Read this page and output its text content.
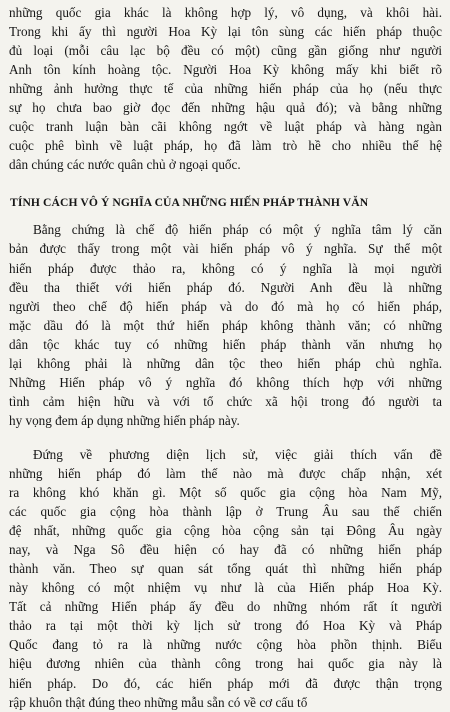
những quốc gia khác là không hợp lý, vô dụng, và khôi hài.
Trong khi ấy thì người Hoa Kỳ lại tôn sùng các hiến pháp thuộc
đủ loại (mỗi câu lạc bộ đều có một) cũng gần giống như người
Anh tôn kính hoàng tộc. Người Hoa Kỳ không mấy khi biết rõ
những ảnh hưởng thực tế của những hiến pháp của họ (nếu thực
sự họ chưa bao giờ đọc đến những hậu quả đó); và bằng những
cuộc tranh luận bàn cãi không ngớt về luật pháp và hàng ngàn
cuộc phê bình về luật pháp, họ đã làm trò hề cho nhiều thế hệ
dân chúng các nước quân chủ ở ngoại quốc.
TÍNH CÁCH VÔ Ý NGHĨA CỦA NHỮNG HIẾN PHÁP THÀNH VĂN
Bằng chứng là chế độ hiến pháp có một ý nghĩa tâm lý căn
bản được thấy trong một vài hiến pháp vô ý nghĩa. Sự thể một
hiến pháp được thảo ra, không có ý nghĩa là mọi người
đều tha thiết với hiến pháp đó. Người Anh đều là những
người theo chế độ hiến pháp và do đó mà họ có hiến pháp,
mặc dầu đó là một thứ hiến pháp không thành văn; có những
dân tộc khác tuy có những hiến pháp thành văn nhưng họ
lại không phải là những dân tộc theo hiến pháp chủ nghĩa.
Những Hiến pháp vô ý nghĩa đó không thích hợp với những
tình cảm hiện hữu và với tổ chức xã hội trong đó người ta
hy vọng đem áp dụng những hiến pháp này.
Đứng về phương diện lịch sử, việc giải thích vấn đề
những hiến pháp đó làm thế nào mà được chấp nhận, xét
ra không khó khăn gì. Một số quốc gia cộng hòa Nam Mỹ,
các quốc gia cộng hòa thành lập ở Trung Âu sau thế chiến
đệ nhất, những quốc gia cộng hòa cộng sản tại Đông Âu ngày
nay, và Nga Sô đều hiện có hay đã có những hiến pháp
thành văn. Theo sự quan sát tổng quát thì những hiến pháp
này không có một nhiệm vụ như là của Hiến pháp Hoa Kỳ.
Tất cả những Hiến pháp ấy đều do những nhóm rất ít người
thảo ra tại một thời kỳ lịch sử trong đó Hoa Kỳ và Pháp
Quốc đang tỏ ra là những nước cộng hòa phồn thịnh. Biểu
hiệu đương nhiên của thành công trong hai quốc gia này là
hiến pháp. Do đó, các hiến pháp mới đã được thận trọng
rập khuôn thật đúng theo những mẫu sẵn có về cơ cấu tổ
